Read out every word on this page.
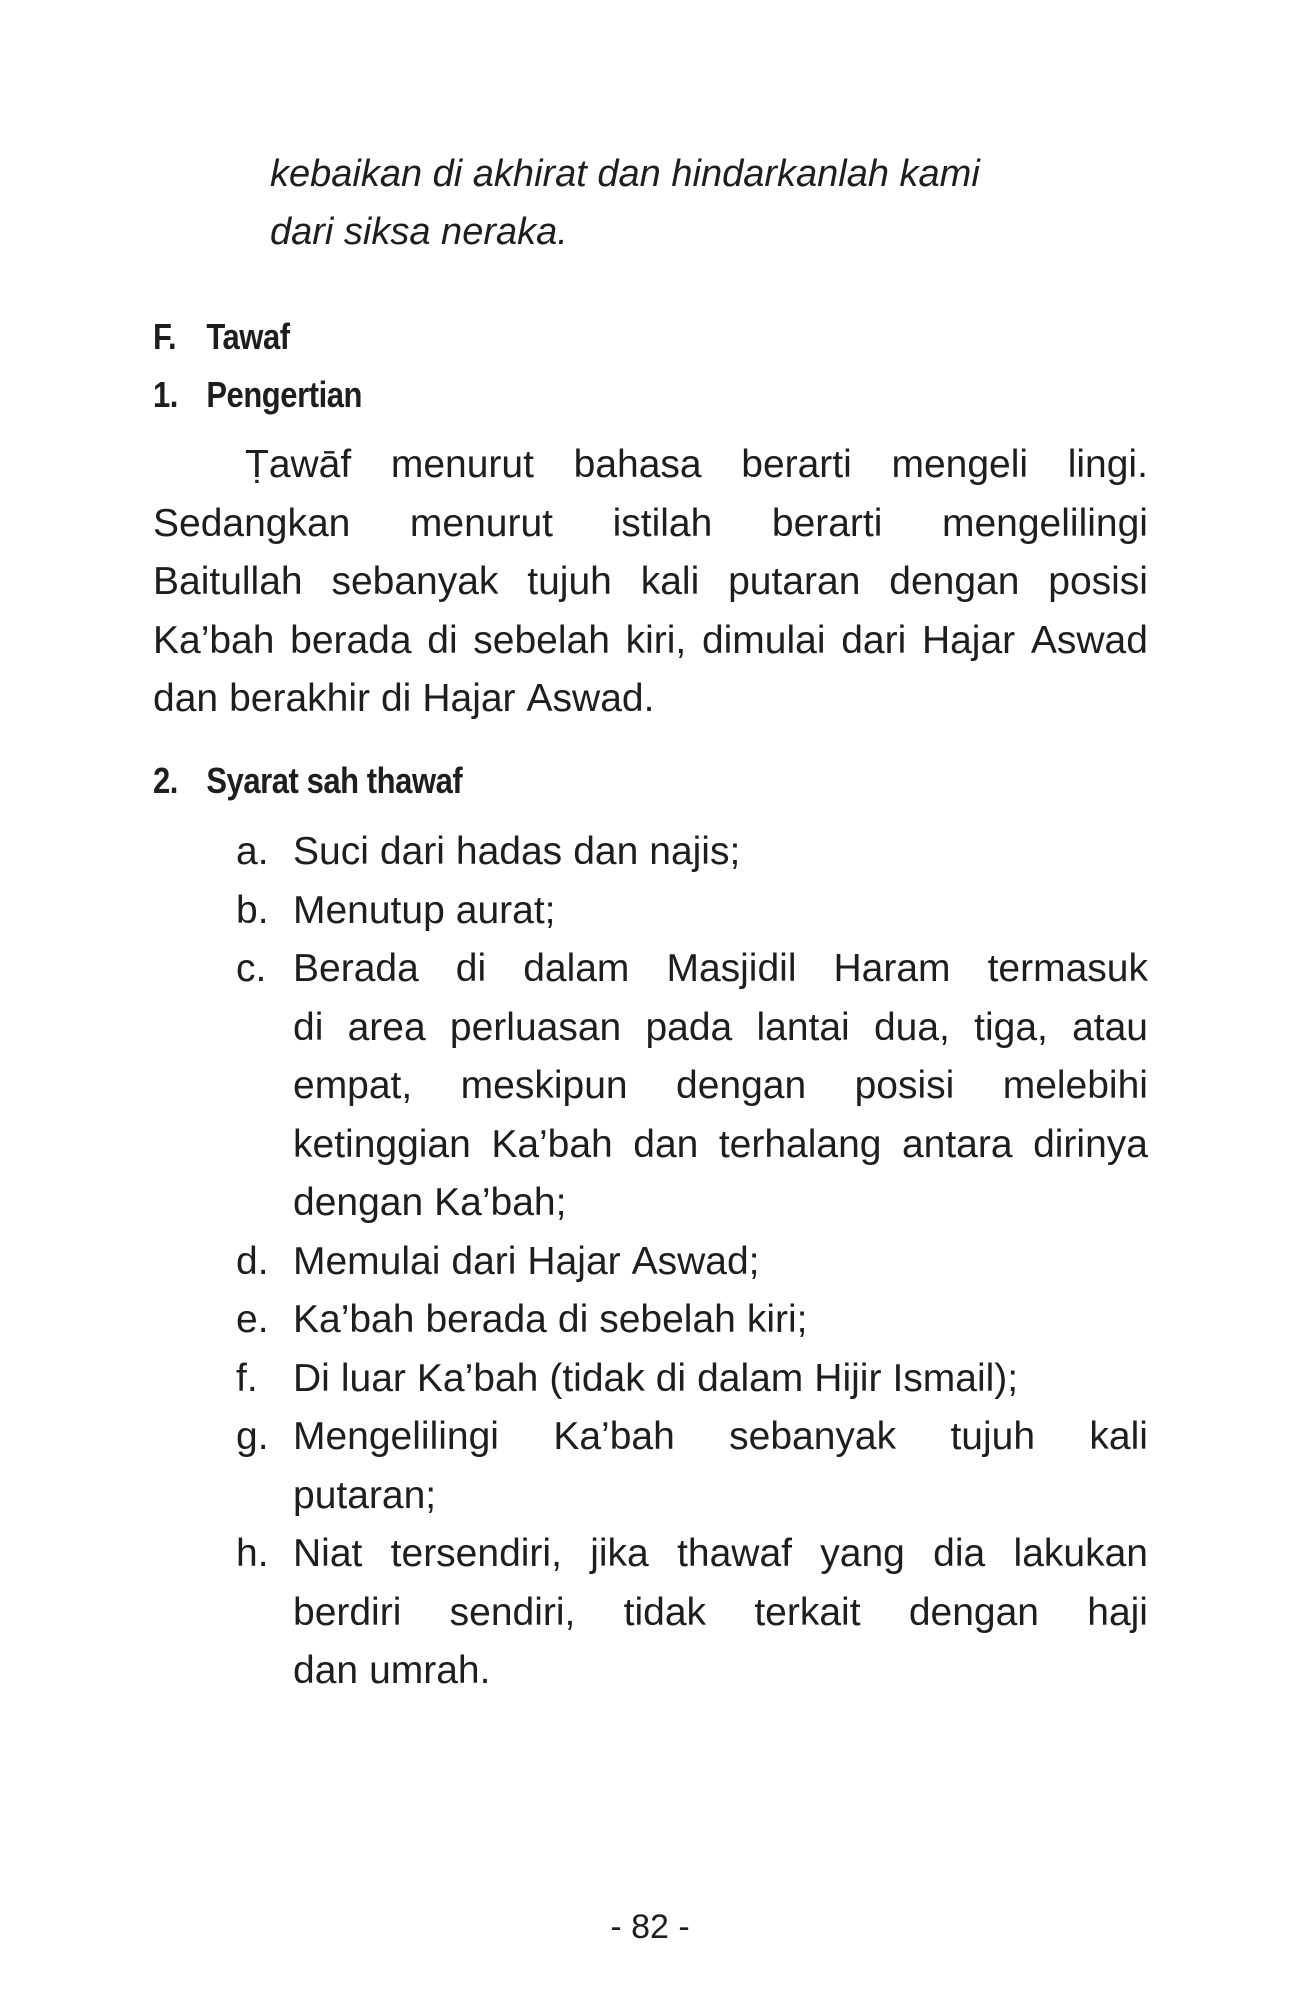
kebaikan di akhirat dan hindarkanlah kami
dari siksa neraka.
F. Tawaf
1. Pengertian
Ṭawāf menurut bahasa berarti mengeli lingi.
Sedangkan menurut istilah berarti mengelilingi
Baitullah sebanyak tujuh kali putaran dengan posisi
Ka’bah berada di sebelah kiri, dimulai dari Hajar Aswad
dan berakhir di Hajar Aswad.
2. Syarat sah thawaf
a. Suci dari hadas dan najis;
b. Menutup aurat;
c. Berada di dalam Masjidil Haram termasuk
di area perluasan pada lantai dua, tiga, atau
empat, meskipun dengan posisi melebihi
ketinggian Ka’bah dan terhalang antara dirinya
dengan Ka’bah;
d. Memulai dari Hajar Aswad;
e. Ka’bah berada di sebelah kiri;
f. Di luar Ka’bah (tidak di dalam Hijir Ismail);
g. Mengelilingi Ka’bah sebanyak tujuh kali
putaran;
h. Niat tersendiri, jika thawaf yang dia lakukan
berdiri sendiri, tidak terkait dengan haji
dan umrah.
- 82 -
